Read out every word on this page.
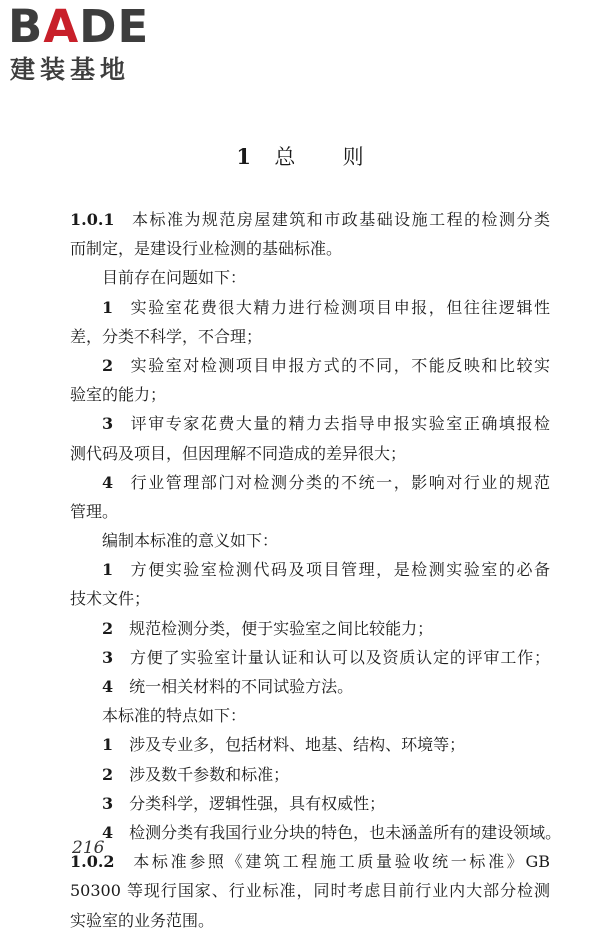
BADE
建装基地
1 总 则
1.0.1  本标准为规范房屋建筑和市政基础设施工程的检测分类
而制定，是建设行业检测的基础标准。
目前存在问题如下：
1  实验室花费很大精力进行检测项目申报，但往往逻辑性
差，分类不科学，不合理；
2  实验室对检测项目申报方式的不同，不能反映和比较实
验室的能力；
3  评审专家花费大量的精力去指导申报实验室正确填报检
测代码及项目，但因理解不同造成的差异很大；
4  行业管理部门对检测分类的不统一，影响对行业的规范
管理。
编制本标准的意义如下：
1  方便实验室检测代码及项目管理，是检测实验室的必备
技术文件；
2  规范检测分类，便于实验室之间比较能力；
3  方便了实验室计量认证和认可以及资质认定的评审工作；
4  统一相关材料的不同试验方法。
本标准的特点如下：
1  涉及专业多，包括材料、地基、结构、环境等；
2  涉及数千参数和标准；
3  分类科学，逻辑性强，具有权威性；
4  检测分类有我国行业分块的特色，也未涵盖所有的建设领域。
1.0.2  本标准参照《建筑工程施工质量验收统一标准》GB
50300 等现行国家、行业标准，同时考虑目前行业内大部分检测
实验室的业务范围。
216
